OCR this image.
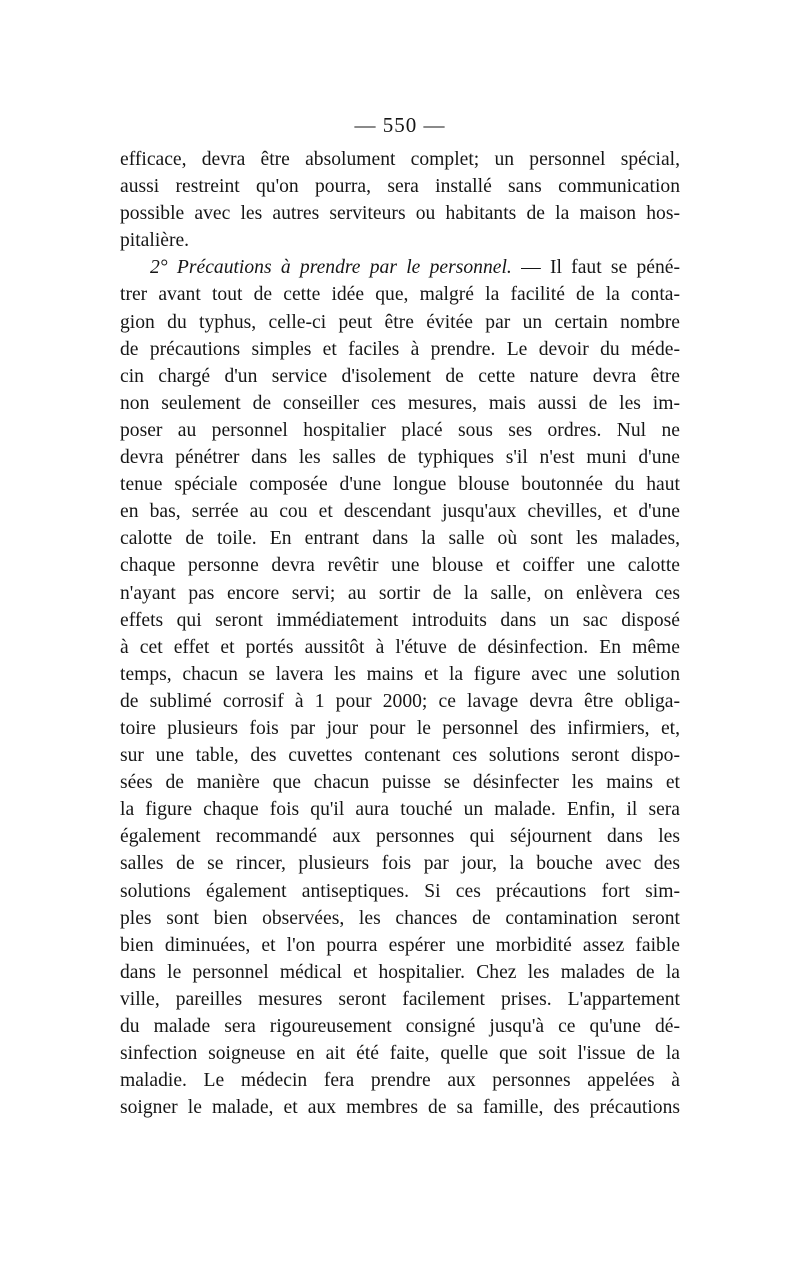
— 550 —
efficace, devra être absolument complet; un personnel spécial,
aussi restreint qu'on pourra, sera installé sans communication
possible avec les autres serviteurs ou habitants de la maison hos-
pitalière.
2° Précautions à prendre par le personnel. — Il faut se péné-
trer avant tout de cette idée que, malgré la facilité de la conta-
gion du typhus, celle-ci peut être évitée par un certain nombre
de précautions simples et faciles à prendre. Le devoir du méde-
cin chargé d'un service d'isolement de cette nature devra être
non seulement de conseiller ces mesures, mais aussi de les im-
poser au personnel hospitalier placé sous ses ordres. Nul ne
devra pénétrer dans les salles de typhiques s'il n'est muni d'une
tenue spéciale composée d'une longue blouse boutonnée du haut
en bas, serrée au cou et descendant jusqu'aux chevilles, et d'une
calotte de toile. En entrant dans la salle où sont les malades,
chaque personne devra revêtir une blouse et coiffer une calotte
n'ayant pas encore servi; au sortir de la salle, on enlèvera ces
effets qui seront immédiatement introduits dans un sac disposé
à cet effet et portés aussitôt à l'étuve de désinfection. En même
temps, chacun se lavera les mains et la figure avec une solution
de sublimé corrosif à 1 pour 2000; ce lavage devra être obliga-
toire plusieurs fois par jour pour le personnel des infirmiers, et,
sur une table, des cuvettes contenant ces solutions seront dispo-
sées de manière que chacun puisse se désinfecter les mains et
la figure chaque fois qu'il aura touché un malade. Enfin, il sera
également recommandé aux personnes qui séjournent dans les
salles de se rincer, plusieurs fois par jour, la bouche avec des
solutions également antiseptiques. Si ces précautions fort sim-
ples sont bien observées, les chances de contamination seront
bien diminuées, et l'on pourra espérer une morbidité assez faible
dans le personnel médical et hospitalier. Chez les malades de la
ville, pareilles mesures seront facilement prises. L'appartement
du malade sera rigoureusement consigné jusqu'à ce qu'une dé-
sinfection soigneuse en ait été faite, quelle que soit l'issue de la
maladie. Le médecin fera prendre aux personnes appelées à
soigner le malade, et aux membres de sa famille, des précautions
